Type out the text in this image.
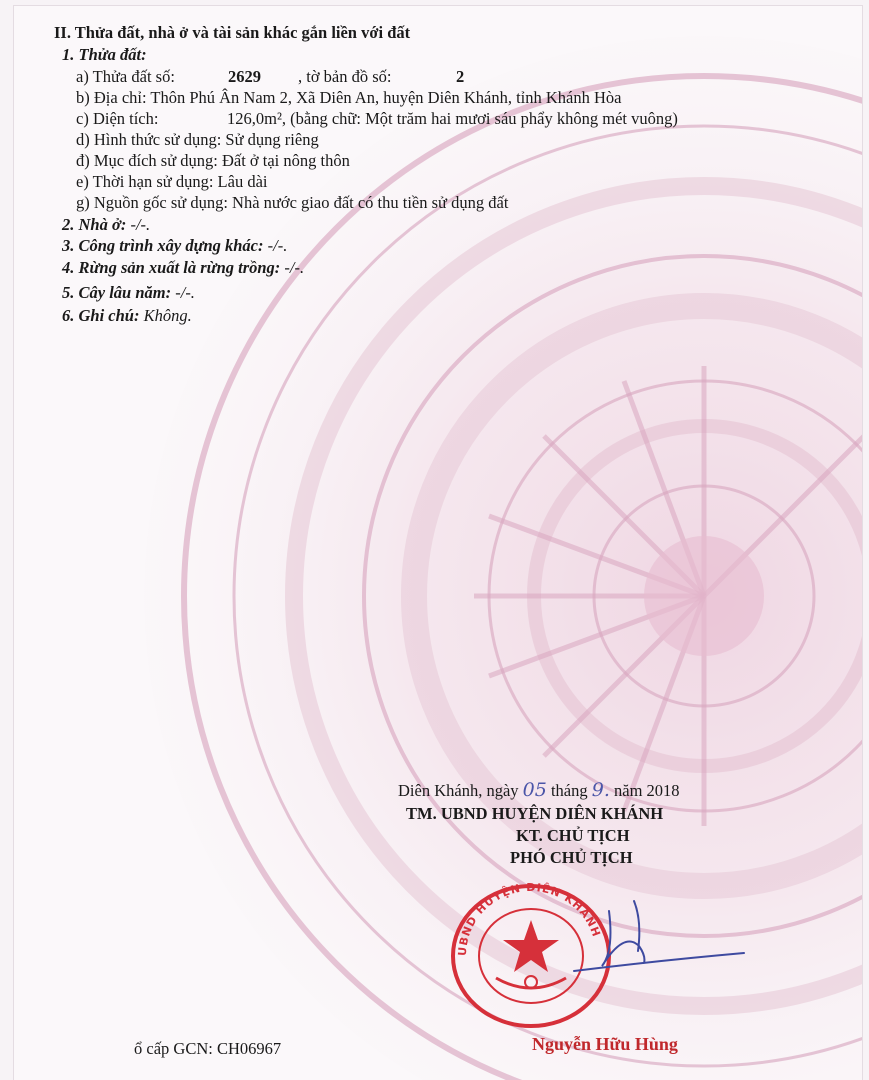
II. Thửa đất, nhà ở và tài sản khác gắn liền với đất
1. Thửa đất:
a) Thửa đất số:	2629 , tờ bản đồ số:	2
b) Địa chỉ: Thôn Phú Ân Nam 2, Xã Diên An, huyện Diên Khánh, tỉnh Khánh Hòa
c) Diện tích:	126,0m², (bằng chữ: Một trăm hai mươi sáu phẩy không mét vuông)
d) Hình thức sử dụng: Sử dụng riêng
đ) Mục đích sử dụng: Đất ở tại nông thôn
e) Thời hạn sử dụng: Lâu dài
g) Nguồn gốc sử dụng: Nhà nước giao đất có thu tiền sử dụng đất
2. Nhà ở: -/-.
3. Công trình xây dựng khác: -/-.
4. Rừng sản xuất là rừng trồng: -/-.
5. Cây lâu năm: -/-.
6. Ghi chú: Không.
Diên Khánh, ngày 05 tháng 9. năm 2018
TM. UBND HUYỆN DIÊN KHÁNH
KT. CHỦ TỊCH
PHÓ CHỦ TỊCH
UBND HUYỆN DIÊN KHÁNH
Nguyễn Hữu Hùng
ổ cấp GCN: CH06967
